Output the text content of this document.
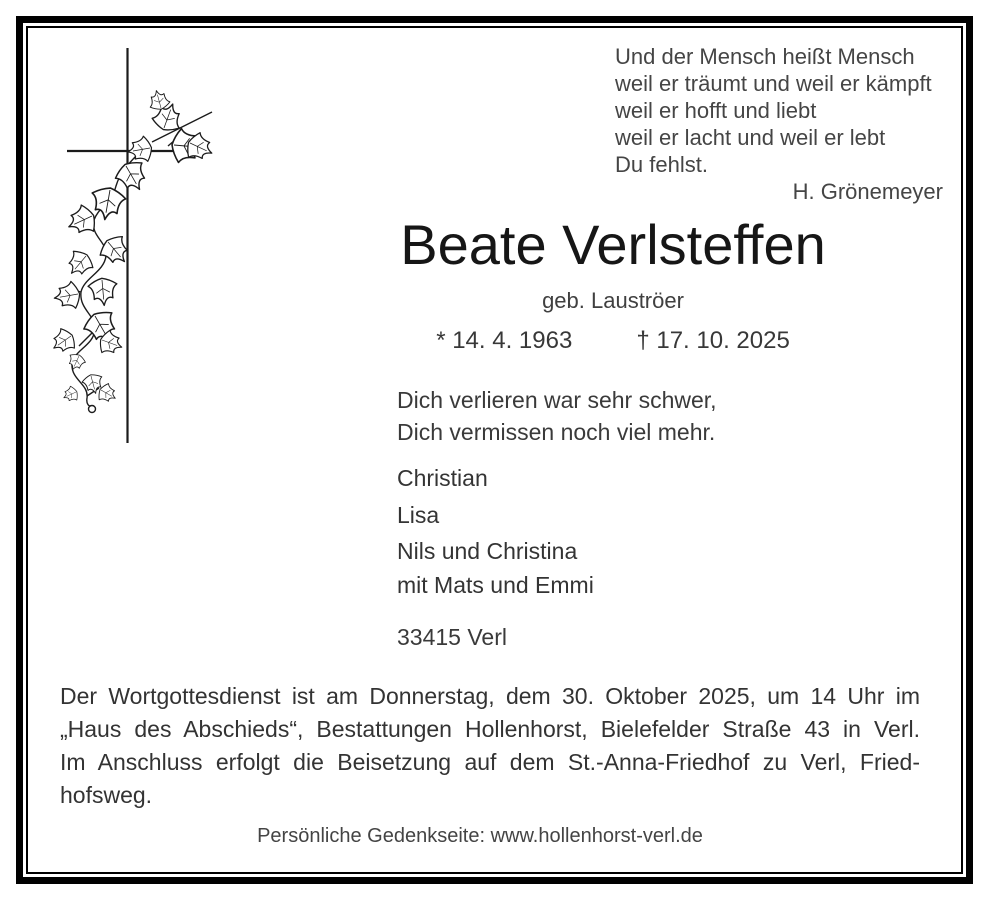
Und der Mensch heißt Mensch
weil er träumt und weil er kämpft
weil er hofft und liebt
weil er lacht und weil er lebt
Du fehlst.
H. Grönemeyer
Beate Verlsteffen
geb. Lauströer
* 14. 4. 1963	† 17. 10. 2025
Dich verlieren war sehr schwer,
Dich vermissen noch viel mehr.
Christian
Lisa
Nils und Christina
mit Mats und Emmi
33415 Verl

Der Wortgottesdienst ist am Donnerstag, dem 30. Oktober 2025, um 14 Uhr im „Haus des Abschieds“, Bestattungen Hollenhorst, Bielefelder Straße 43 in Verl.

Im Anschluss erfolgt die Beisetzung auf dem St.-Anna-Friedhof zu Verl, Friedhofsweg.

Persönliche Gedenkseite: www.hollenhorst-verl.de
